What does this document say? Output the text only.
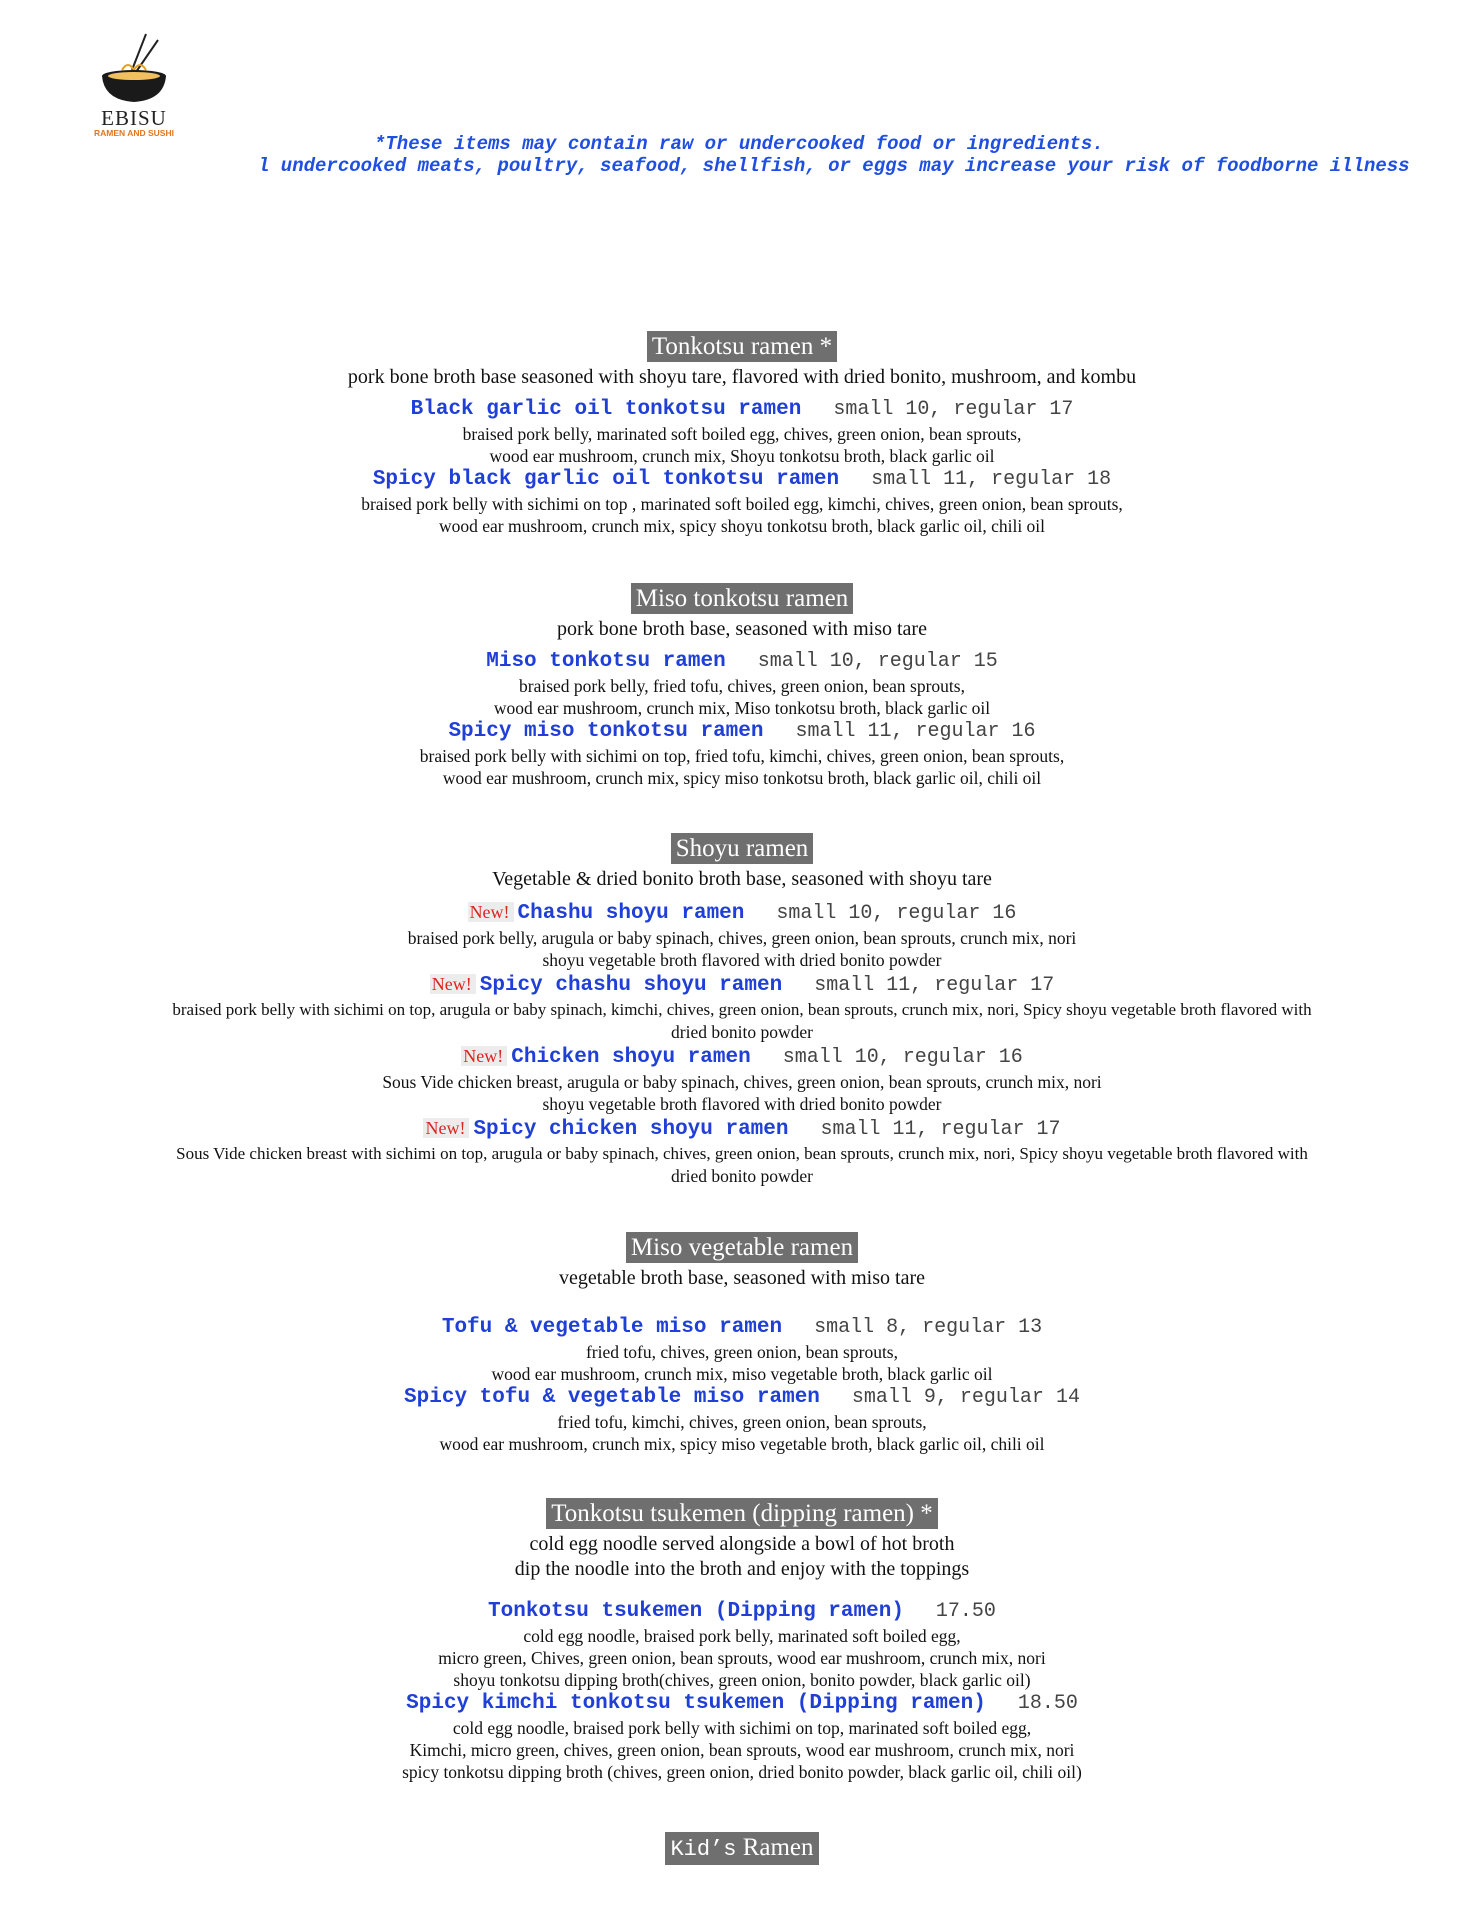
EBISU
RAMEN AND SUSHI	*These items may contain raw or undercooked food or ingredients.
l undercooked meats, poultry, seafood, shellfish, or eggs may increase your risk of foodborne illness
Tonkotsu ramen *
pork bone broth base seasoned with shoyu tare, flavored with dried bonito, mushroom, and kombu
Black garlic oil tonkotsu ramen small 10, regular 17
braised pork belly, marinated soft boiled egg, chives, green onion, bean sprouts,
wood ear mushroom, crunch mix, Shoyu tonkotsu broth, black garlic oil
Spicy black garlic oil tonkotsu ramen small 11, regular 18
braised pork belly with sichimi on top , marinated soft boiled egg, kimchi, chives, green onion, bean sprouts,
wood ear mushroom, crunch mix, spicy shoyu tonkotsu broth, black garlic oil, chili oil
Miso tonkotsu ramen
pork bone broth base, seasoned with miso tare
Miso tonkotsu ramen small 10, regular 15
braised pork belly, fried tofu, chives, green onion, bean sprouts,
wood ear mushroom, crunch mix, Miso tonkotsu broth, black garlic oil
Spicy miso tonkotsu ramen small 11, regular 16
braised pork belly with sichimi on top, fried tofu, kimchi, chives, green onion, bean sprouts,
wood ear mushroom, crunch mix, spicy miso tonkotsu broth, black garlic oil, chili oil
Shoyu ramen
Vegetable & dried bonito broth base, seasoned with shoyu tare
New! Chashu shoyu ramen small 10, regular 16
braised pork belly, arugula or baby spinach, chives, green onion, bean sprouts, crunch mix, nori
shoyu vegetable broth flavored with dried bonito powder
New! Spicy chashu shoyu ramen small 11, regular 17
braised pork belly with sichimi on top, arugula or baby spinach, kimchi, chives, green onion, bean sprouts, crunch mix, nori, Spicy shoyu vegetable broth flavored with
dried bonito powder
New! Chicken shoyu ramen small 10, regular 16
Sous Vide chicken breast, arugula or baby spinach, chives, green onion, bean sprouts, crunch mix, nori
shoyu vegetable broth flavored with dried bonito powder
New! Spicy chicken shoyu ramen small 11, regular 17
Sous Vide chicken breast with sichimi on top, arugula or baby spinach, chives, green onion, bean sprouts, crunch mix, nori, Spicy shoyu vegetable broth flavored with
dried bonito powder
Miso vegetable ramen
vegetable broth base, seasoned with miso tare
Tofu & vegetable miso ramen small 8, regular 13
fried tofu, chives, green onion, bean sprouts,
wood ear mushroom, crunch mix, miso vegetable broth, black garlic oil
Spicy tofu & vegetable miso ramen small 9, regular 14
fried tofu, kimchi, chives, green onion, bean sprouts,
wood ear mushroom, crunch mix, spicy miso vegetable broth, black garlic oil, chili oil
Tonkotsu tsukemen (dipping ramen) *
cold egg noodle served alongside a bowl of hot broth
dip the noodle into the broth and enjoy with the toppings
Tonkotsu tsukemen (Dipping ramen) 17.50
cold egg noodle, braised pork belly, marinated soft boiled egg,
micro green, Chives, green onion, bean sprouts, wood ear mushroom, crunch mix, nori
shoyu tonkotsu dipping broth(chives, green onion, bonito powder, black garlic oil)
Spicy kimchi tonkotsu tsukemen (Dipping ramen) 18.50
cold egg noodle, braised pork belly with sichimi on top, marinated soft boiled egg,
Kimchi, micro green, chives, green onion, bean sprouts, wood ear mushroom, crunch mix, nori
spicy tonkotsu dipping broth (chives, green onion, dried bonito powder, black garlic oil, chili oil)
Kid’s Ramen
